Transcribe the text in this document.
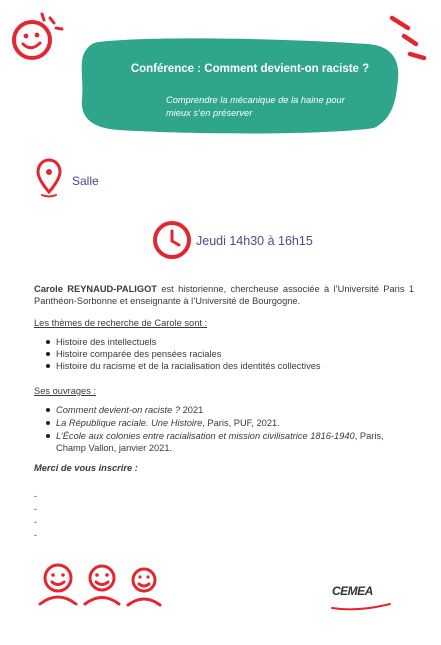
Conférence : Comment devient-on raciste ?
Comprendre la mécanique de la haine pour mieux s’en préserver
Salle
Jeudi 14h30 à 16h15
Carole REYNAUD-PALIGOT est historienne, chercheuse associée à l’Université Paris 1 Panthéon-Sorbonne et enseignante à l’Université de Bourgogne.
Les thèmes de recherche de Carole sont :
Histoire des intellectuels
Histoire comparée des pensées raciales
Histoire du racisme et de la racialisation des identités collectives
Ses ouvrages :
Comment devient-on raciste ? 2021
La République raciale. Une Histoire, Paris, PUF, 2021.
L’École aux colonies entre racialisation et mission civilisatrice 1816-1940, Paris, Champ Vallon, janvier 2021.
Merci de vous inscrire :
-
-
-
-
CEMEA
